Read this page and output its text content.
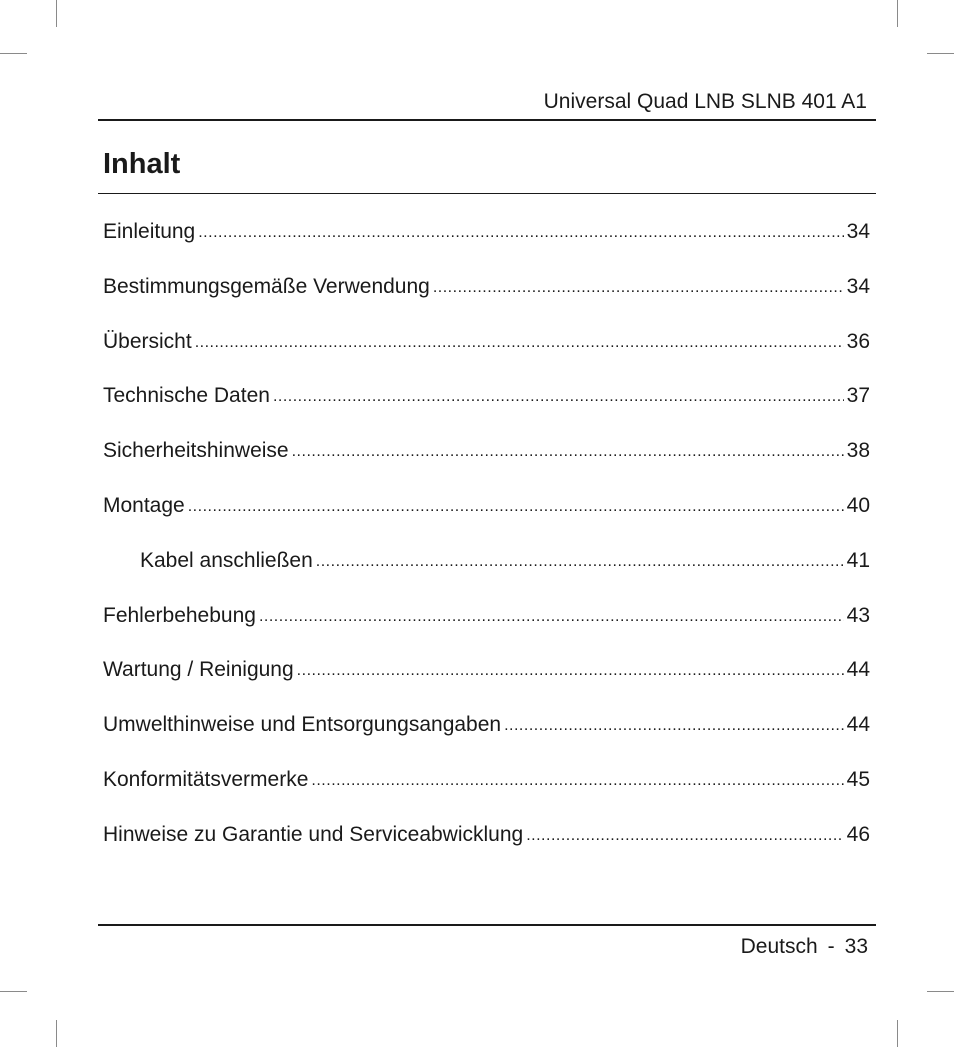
Universal Quad LNB SLNB 401 A1
Inhalt
Einleitung .....	34
Bestimmungsgemäße Verwendung .....	34
Übersicht .....	36
Technische Daten .....	37
Sicherheitshinweise .....	38
Montage .....	40
Kabel anschließen .....	41
Fehlerbehebung .....	43
Wartung / Reinigung .....	44
Umwelthinweise und Entsorgungsangaben .....	44
Konformitätsvermerke .....	45
Hinweise zu Garantie und Serviceabwicklung .....	46
Deutsch - 33
